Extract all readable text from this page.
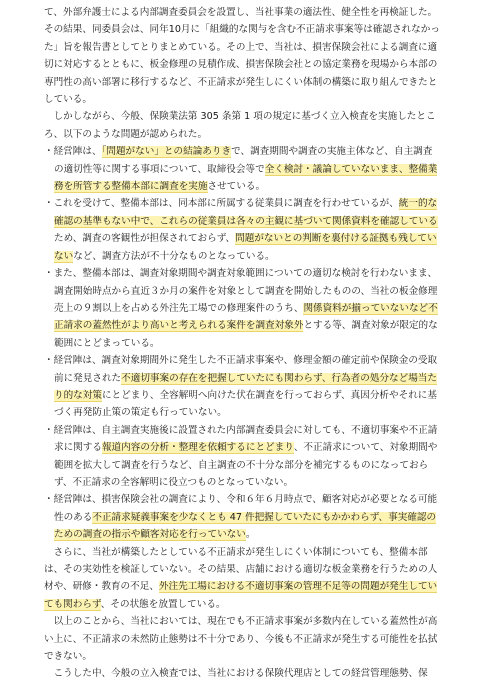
て、外部弁護士による内部調査委員会を設置し、当社事業の適法性、健全性を再検証した。その結果、同委員会は、同年10月に「組織的な関与を含む不正請求事案等は確認されなかった」旨を報告書としてとりまとめている。その上で、当社は、損害保険会社による調査に適切に対応するとともに、板金修理の見積作成、損害保険会社との協定業務を現場から本部の専門性の高い部署に移行するなど、不正請求が発生しにくい体制の構築に取り組んできたとしている。

しかしながら、今般、保険業法第 305 条第 1 項の規定に基づく立入検査を実施したところ、以下のような問題が認められた。

・経営陣は、「問題がない」との結論ありきで、調査期間や調査の実施主体など、自主調査の適切性等に関する事項について、取締役会等で全く検討・議論していないまま、整備業務を所管する整備本部に調査を実施させている。
・これを受けて、整備本部は、同本部に所属する従業員に調査を行わせているが、統一的な確認の基準もない中で、これらの従業員は各々の主観に基づいて関係資料を確認しているため、調査の客観性が担保されておらず、問題がないとの判断を裏付ける証拠も残していないなど、調査方法が不十分なものとなっている。
・また、整備本部は、調査対象期間や調査対象範囲についての適切な検討を行わないまま、調査開始時点から直近３か月の案件を対象として調査を開始したものの、当社の板金修理売上の９割以上を占める外注先工場での修理案件のうち、関係資料が揃っていないなど不正請求の蓋然性がより高いと考えられる案件を調査対象外とする等、調査対象が限定的な範囲にとどまっている。
・経営陣は、調査対象期間外に発生した不正請求事案や、修理金額の確定前や保険金の受取前に発見された不適切事案の存在を把握していたにも関わらず、行為者の処分など場当たり的な対策にとどまり、全容解明へ向けた伏在調査を行っておらず、真因分析やそれに基づく再発防止策の策定も行っていない。
・経営陣は、自主調査実施後に設置された内部調査委員会に対しても、不適切事案や不正請求に関する報道内容の分析・整理を依頼するにとどまり、不正請求について、対象期間や範囲を拡大して調査を行うなど、自主調査の不十分な部分を補完するものになっておらず、不正請求の全容解明に役立つものとなっていない。
・経営陣は、損害保険会社の調査により、令和６年６月時点で、顧客対応が必要となる可能性のある不正請求疑義事案を少なくとも 47 件把握していたにもかかわらず、事実確認のための調査の指示や顧客対応を行っていない。

さらに、当社が構築したとしている不正請求が発生しにくい体制についても、整備本部は、その実効性を検証していない。その結果、店舗における適切な板金業務を行うための人材や、研修・教育の不足、外注先工場における不適切事案の管理不足等の問題が発生していても関わらず、その状態を放置している。

以上のことから、当社においては、現在でも不正請求事案が多数内在している蓋然性が高い上に、不正請求の未然防止態勢は不十分であり、今後も不正請求が発生する可能性を払拭できない。

こうした中、今般の立入検査では、当社における保険代理店としての経営管理態勢、保
